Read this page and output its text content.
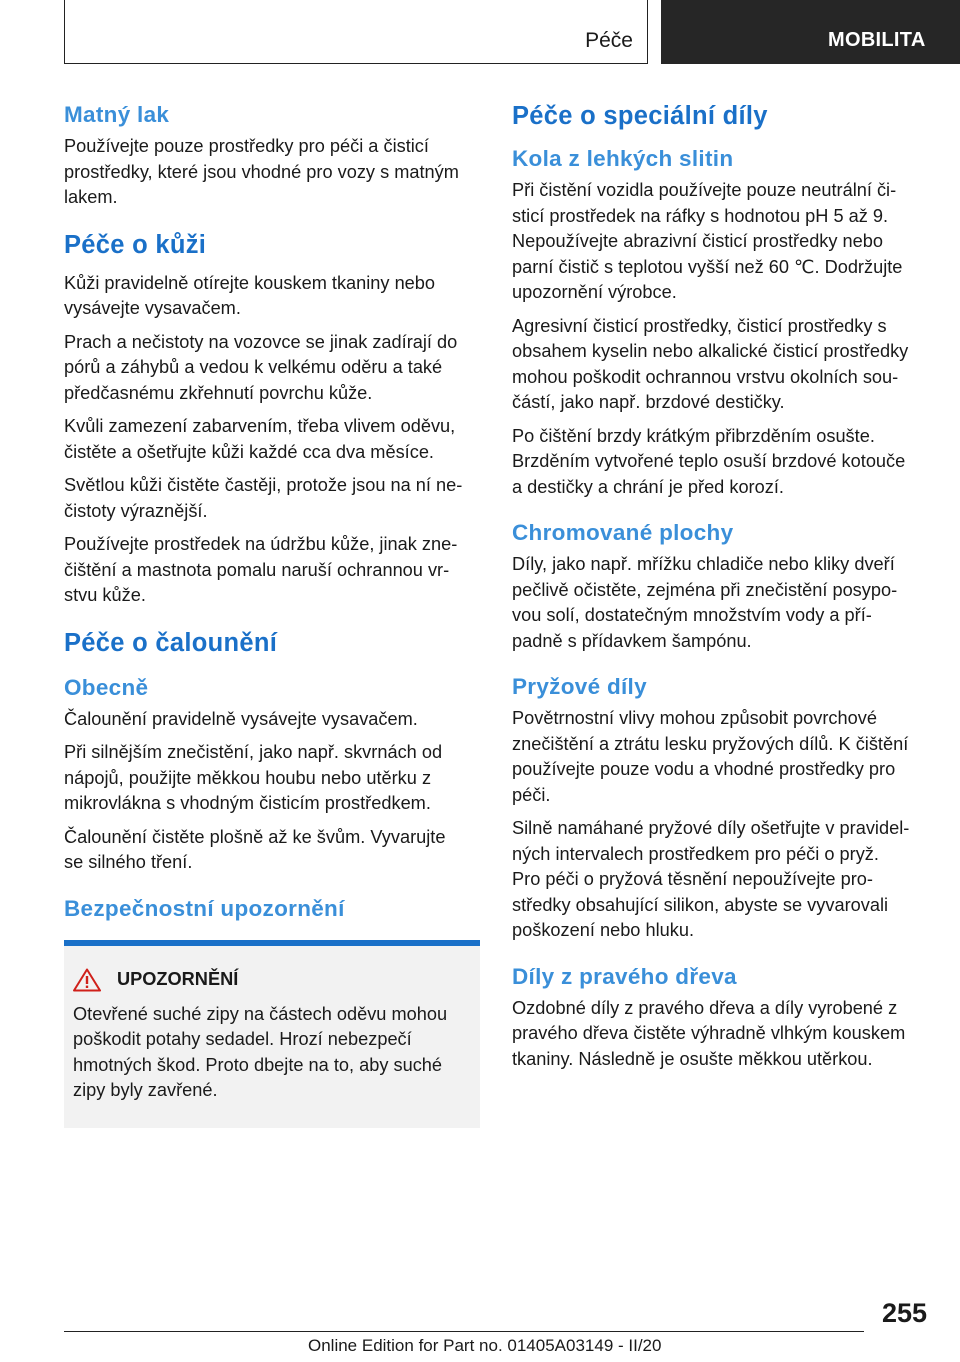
Péče	MOBILITA
Matný lak

Používejte pouze prostředky pro péči a čisticí
prostředky, které jsou vhodné pro vozy s matným
lakem.

Péče o kůži

Kůži pravidelně otírejte kouskem tkaniny nebo
vysávejte vysavačem.

Prach a nečistoty na vozovce se jinak zadírají do
pórů a záhybů a vedou k velkému oděru a také
předčasnému zkřehnutí povrchu kůže.

Kvůli zamezení zabarvením, třeba vlivem oděvu,
čistěte a ošetřujte kůži každé cca dva měsíce.

Světlou kůži čistěte častěji, protože jsou na ní ne-
čistoty výraznější.

Používejte prostředek na údržbu kůže, jinak zne-
čištění a mastnota pomalu naruší ochrannou vr-
stvu kůže.

Péče o čalounění
Obecně

Čalounění pravidelně vysávejte vysavačem.

Při silnějším znečistění, jako např. skvrnách od
nápojů, použijte měkkou houbu nebo utěrku z
mikrovlákna s vhodným čisticím prostředkem.

Čalounění čistěte plošně až ke švům. Vyvarujte
se silného tření.

Bezpečnostní upozornění
UPOZORNĚNÍ

Otevřené suché zipy na částech oděvu mohou
poškodit potahy sedadel. Hrozí nebezpečí
hmotných škod. Proto dbejte na to, aby suché
zipy byly zavřené.

Péče o speciální díly
Kola z lehkých slitin

Při čistění vozidla používejte pouze neutrální či-
sticí prostředek na ráfky s hodnotou pH 5 až 9.
Nepoužívejte abrazivní čisticí prostředky nebo
parní čistič s teplotou vyšší než 60 ℃. Dodržujte
upozornění výrobce.

Agresivní čisticí prostředky, čisticí prostředky s
obsahem kyselin nebo alkalické čisticí prostředky
mohou poškodit ochrannou vrstvu okolních sou-
částí, jako např. brzdové destičky.

Po čištění brzdy krátkým přibrzděním osušte.
Brzděním vytvořené teplo osuší brzdové kotouče
a destičky a chrání je před korozí.

Chromované plochy

Díly, jako např. mřížku chladiče nebo kliky dveří
pečlivě očistěte, zejména při znečistění posypo-
vou solí, dostatečným množstvím vody a pří-
padně s přídavkem šampónu.

Pryžové díly

Povětrnostní vlivy mohou způsobit povrchové
znečištění a ztrátu lesku pryžových dílů. K čištění
používejte pouze vodu a vhodné prostředky pro
péči.

Silně namáhané pryžové díly ošetřujte v pravidel-
ných intervalech prostředkem pro péči o pryž.
Pro péči o pryžová těsnění nepoužívejte pro-
středky obsahující silikon, abyste se vyvarovali
poškození nebo hluku.

Díly z pravého dřeva

Ozdobné díly z pravého dřeva a díly vyrobené z
pravého dřeva čistěte výhradně vlhkým kouskem
tkaniny. Následně je osušte měkkou utěrkou.

255
Online Edition for Part no. 01405A03149 - II/20
